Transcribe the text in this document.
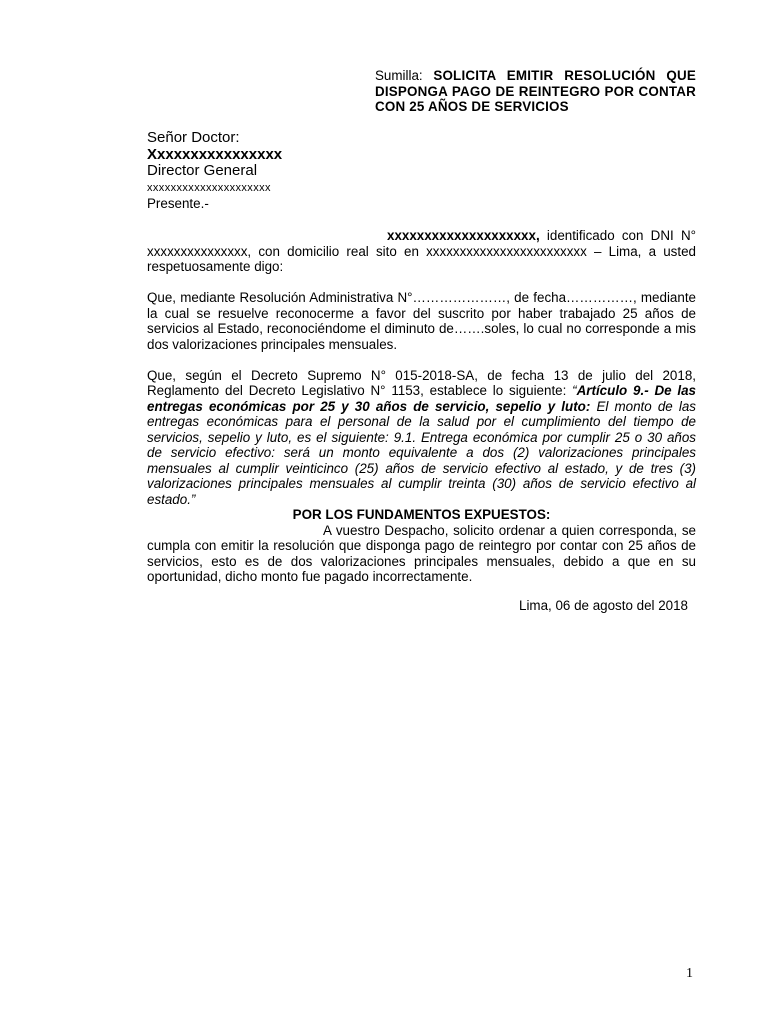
Sumilla: SOLICITA EMITIR RESOLUCIÓN QUE DISPONGA PAGO DE REINTEGRO POR CONTAR CON 25 AÑOS DE SERVICIOS
Señor Doctor:
Xxxxxxxxxxxxxxxx
Director General
xxxxxxxxxxxxxxxxxxxxx
Presente.-

xxxxxxxxxxxxxxxxxxxx, identificado con DNI N° xxxxxxxxxxxxxxx, con domicilio real sito en xxxxxxxxxxxxxxxxxxxxxxxx – Lima, a usted respetuosamente digo:

Que, mediante Resolución Administrativa N°…………………, de fecha……………, mediante la cual se resuelve reconocerme a favor del suscrito por haber trabajado 25 años de servicios al Estado, reconociéndome el diminuto de…….soles, lo cual no corresponde a mis dos valorizaciones principales mensuales.

Que, según el Decreto Supremo N° 015-2018-SA, de fecha 13 de julio del 2018, Reglamento del Decreto Legislativo N° 1153, establece lo siguiente: “Artículo 9.- De las entregas económicas por 25 y 30 años de servicio, sepelio y luto: El monto de las entregas económicas para el personal de la salud por el cumplimiento del tiempo de servicios, sepelio y luto, es el siguiente: 9.1. Entrega económica por cumplir 25 o 30 años de servicio efectivo: será un monto equivalente a dos (2) valorizaciones principales mensuales al cumplir veinticinco (25) años de servicio efectivo al estado, y de tres (3) valorizaciones principales mensuales al cumplir treinta (30) años de servicio efectivo al estado.”

POR LOS FUNDAMENTOS EXPUESTOS:

A vuestro Despacho, solicito ordenar a quien corresponda, se cumpla con emitir la resolución que disponga pago de reintegro por contar con 25 años de servicios, esto es de dos valorizaciones principales mensuales, debido a que en su oportunidad, dicho monto fue pagado incorrectamente.

Lima, 06 de agosto del 2018
1
